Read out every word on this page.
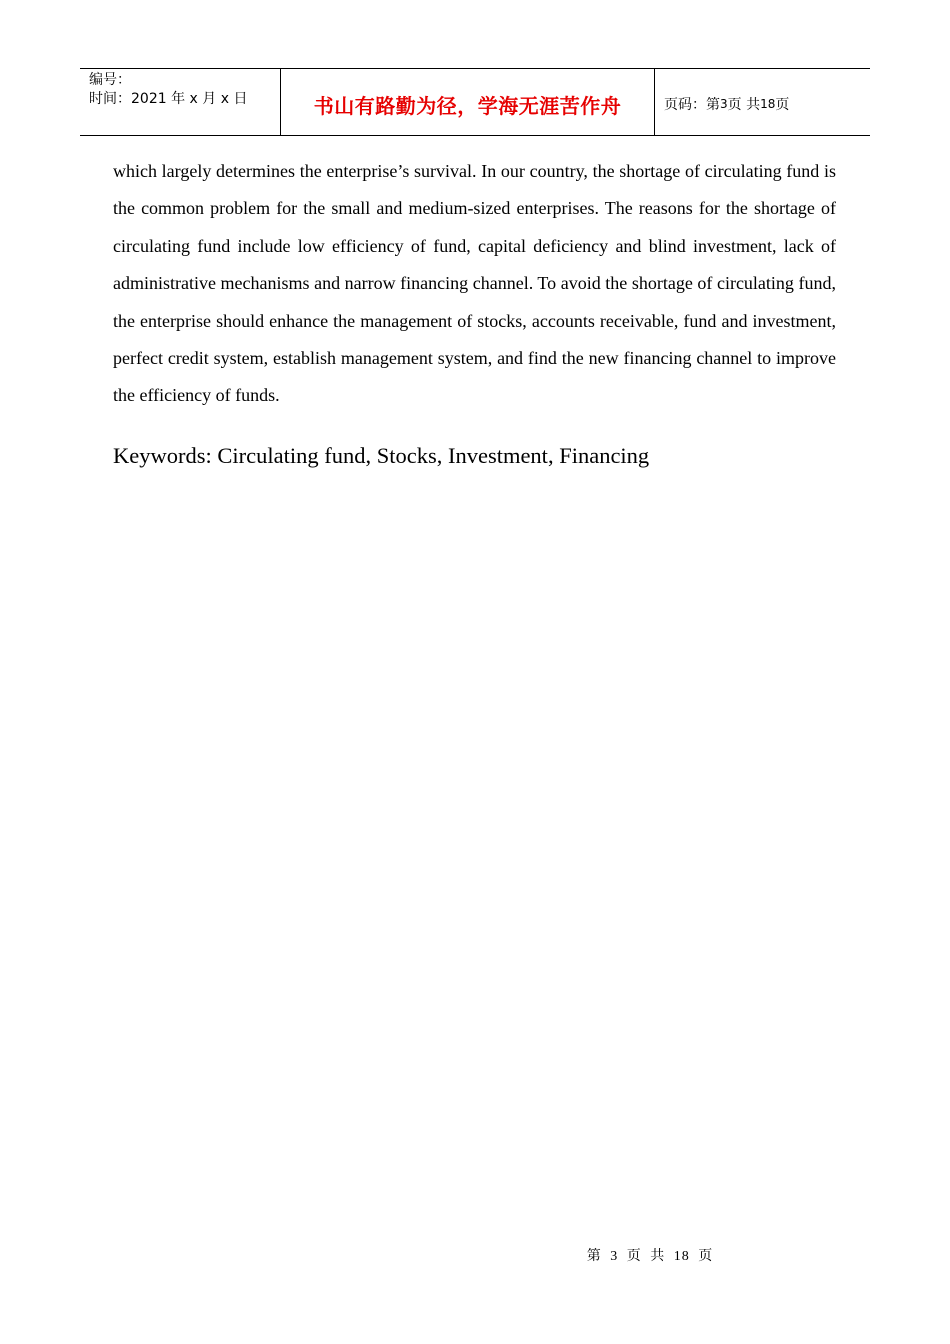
编号：
时间：2021 年 x 月 x 日	书山有路勤为径，学海无涯苦作舟	页码：第 3 页 共 18 页

which largely determines the enterprise’s survival. In our country, the shortage of circulating fund is the common problem for the small and medium-sized enterprises. The reasons for the shortage of circulating fund include low efficiency of fund, capital deficiency and blind investment, lack of administrative mechanisms and narrow financing channel. To avoid the shortage of circulating fund, the enterprise should enhance the management of stocks, accounts receivable, fund and investment, perfect credit system, establish management system, and find the new financing channel to improve the efficiency of funds.

Keywords: Circulating fund, Stocks, Investment, Financing
第 3 页 共 18 页
